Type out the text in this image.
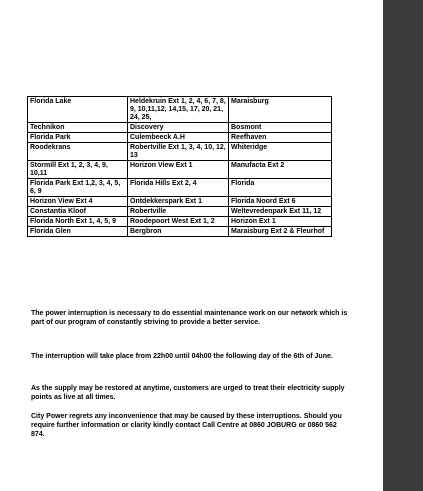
Florida Lake	Heldekruin Ext 1, 2, 4, 6, 7, 8, 9, 10,11,12, 14,15, 17, 20, 21, 24, 25,	Maraisburg
Technikon	Discovery	Bosmont
Florida Park	Culembeeck A.H	Reefhaven
Roodekrans	Robertville Ext 1, 3, 4, 10, 12, 13	Whiteridge
Stormill Ext 1, 2, 3, 4, 9, 10,11	Horizon View Ext 1	Manufacta Ext 2
Florida Park Ext 1,2, 3, 4, 5, 6, 9	Florida Hills Ext 2, 4	Florida
Horizon View Ext 4	Ontdekkerspark Ext 1	Florida Noord Ext 6
Constantia Kloof	Robertville	Weltevredenpark Ext 11, 12
Florida North Ext 1, 4, 5, 9	Roodepoort West Ext 1, 2	Horizon Ext 1
Florida Glen	Bergbron	Maraisburg Ext 2 & Fleurhof

The power interruption is necessary to do essential maintenance work on our network which is part of our program of constantly striving to provide a better service.

The interruption will take place from 22h00 until 04h00 the following day of the 6th of June.

As the supply may be restored at anytime, customers are urged to treat their electricity supply points as live at all times.

City Power regrets any inconvenience that may be caused by these interruptions. Should you require further information or clarity kindly contact Call Centre at 0860 JOBURG or 0860 562 874.
